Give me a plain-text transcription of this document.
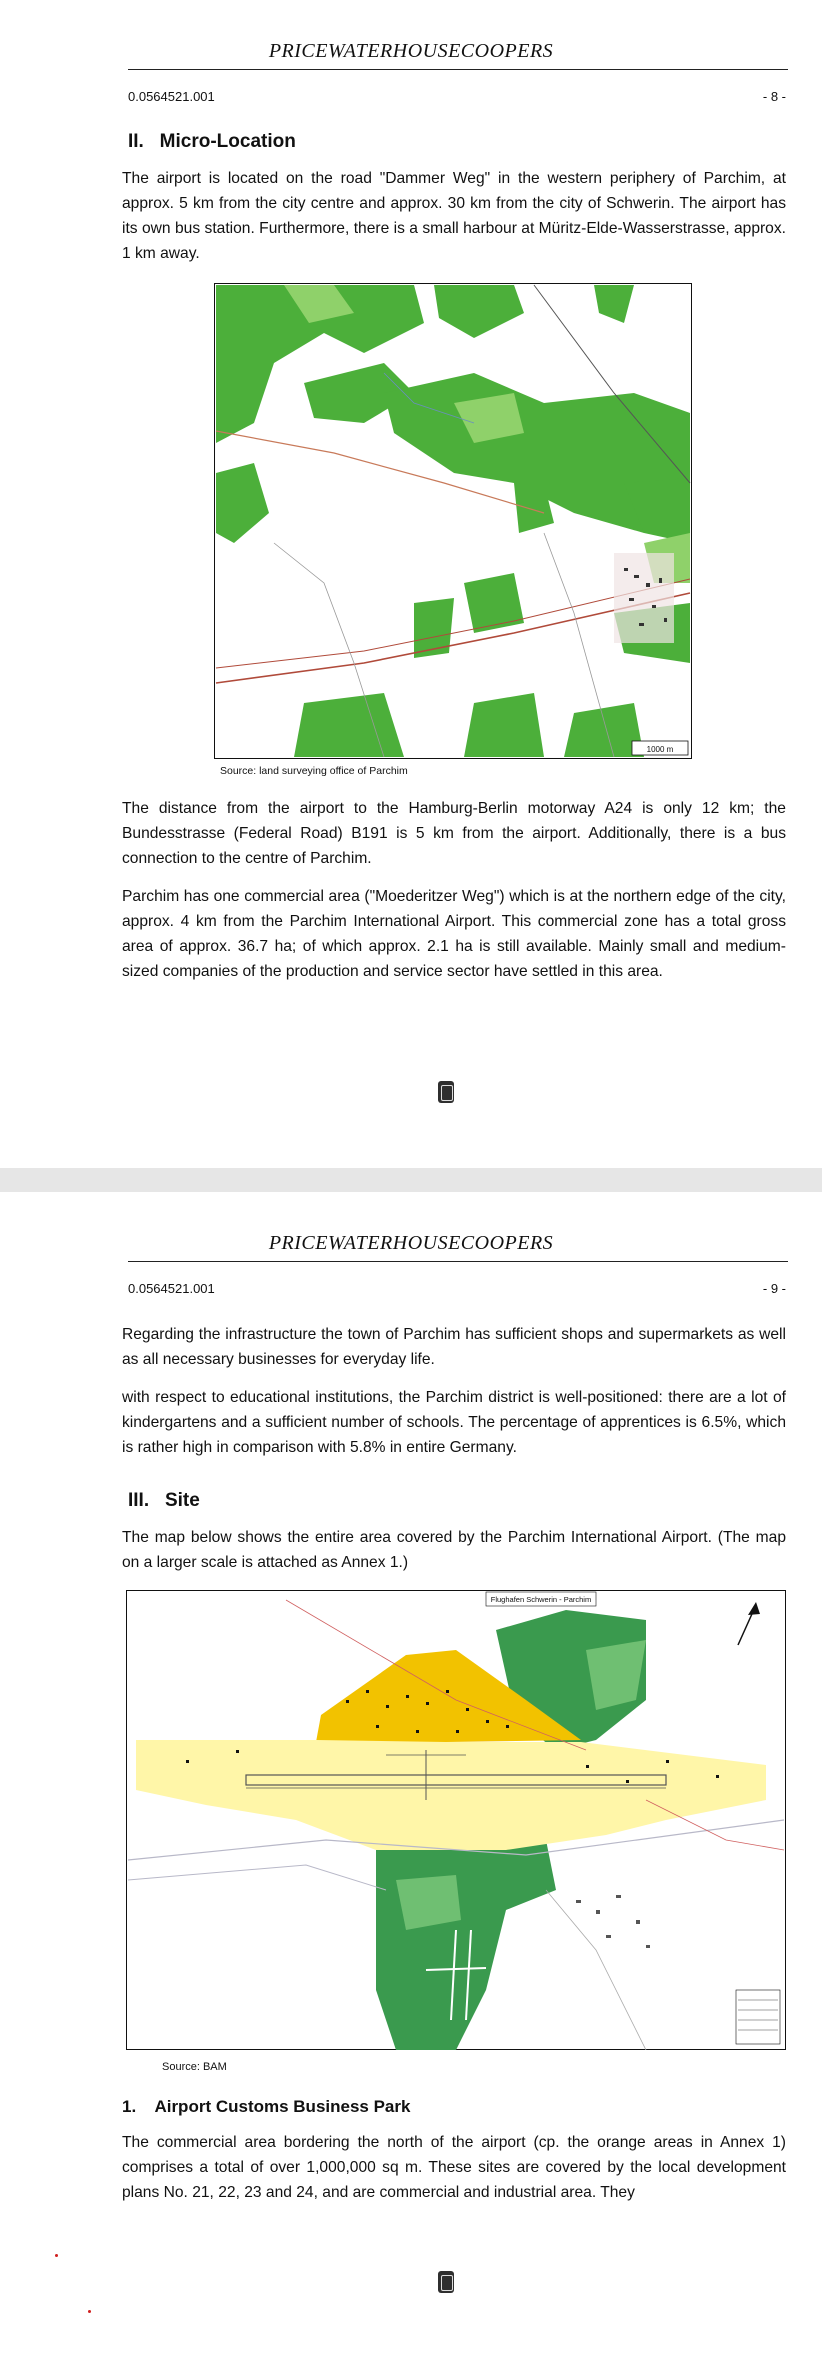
PRICEWATERHOUSECOOPERS
0.0564521.001	- 8 -
II.   Micro-Location
The airport is located on the road "Dammer Weg" in the western periphery of Parchim, at approx. 5 km from the city centre and approx. 30 km from the city of Schwerin. The airport has its own bus station. Furthermore, there is a small harbour at Müritz-Elde-Wasserstrasse, approx. 1 km away.
1000 m
Source: land surveying office of Parchim
The distance from the airport to the Hamburg-Berlin motorway A24 is only 12 km; the Bundesstrasse (Federal Road) B191 is 5 km from the airport. Additionally, there is a bus connection to the centre of Parchim.
Parchim has one commercial area ("Moederitzer Weg") which is at the northern edge of the city, approx. 4 km from the Parchim International Airport. This commercial zone has a total gross area of approx. 36.7 ha; of which approx. 2.1 ha is still available. Mainly small and medium-sized companies of the production and service sector have settled in this area.
PRICEWATERHOUSECOOPERS
0.0564521.001	- 9 -
Regarding the infrastructure the town of Parchim has sufficient shops and supermarkets as well as all necessary businesses for everyday life.
with respect to educational institutions, the Parchim district is well-positioned: there are a lot of kindergartens and a sufficient number of schools. The percentage of apprentices is 6.5%, which is rather high in comparison with 5.8% in entire Germany.
III.   Site
The map below shows the entire area covered by the Parchim International Airport. (The map on a larger scale is attached as Annex 1.)
Flughafen Schwerin - Parchim
Source: BAM
1.    Airport Customs Business Park
The commercial area bordering the north of the airport (cp. the orange areas in Annex 1) comprises a total of over 1,000,000 sq m. These sites are covered by the local development plans No. 21, 22, 23 and 24, and are commercial and industrial area. They
